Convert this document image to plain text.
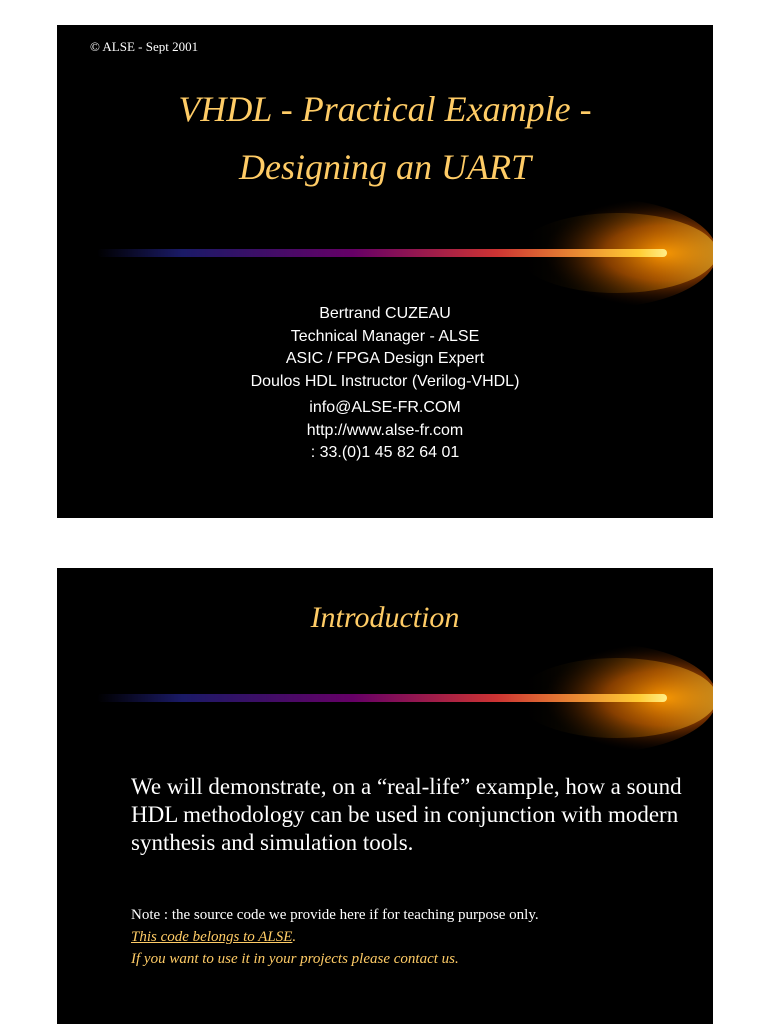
© ALSE - Sept 2001
VHDL - Practical Example -
Designing an UART
Bertrand CUZEAU
Technical Manager - ALSE
ASIC / FPGA Design Expert
Doulos HDL Instructor (Verilog-VHDL)
info@ALSE-FR.COM
http://www.alse-fr.com
: 33.(0)1 45 82 64 01
Introduction
We will demonstrate, on a “real-life” example, how a sound HDL methodology can be used in conjunction with modern synthesis and simulation tools.
Note : the source code we provide here if for teaching purpose only.
This code belongs to ALSE.
If you want to use it in your projects please contact us.
